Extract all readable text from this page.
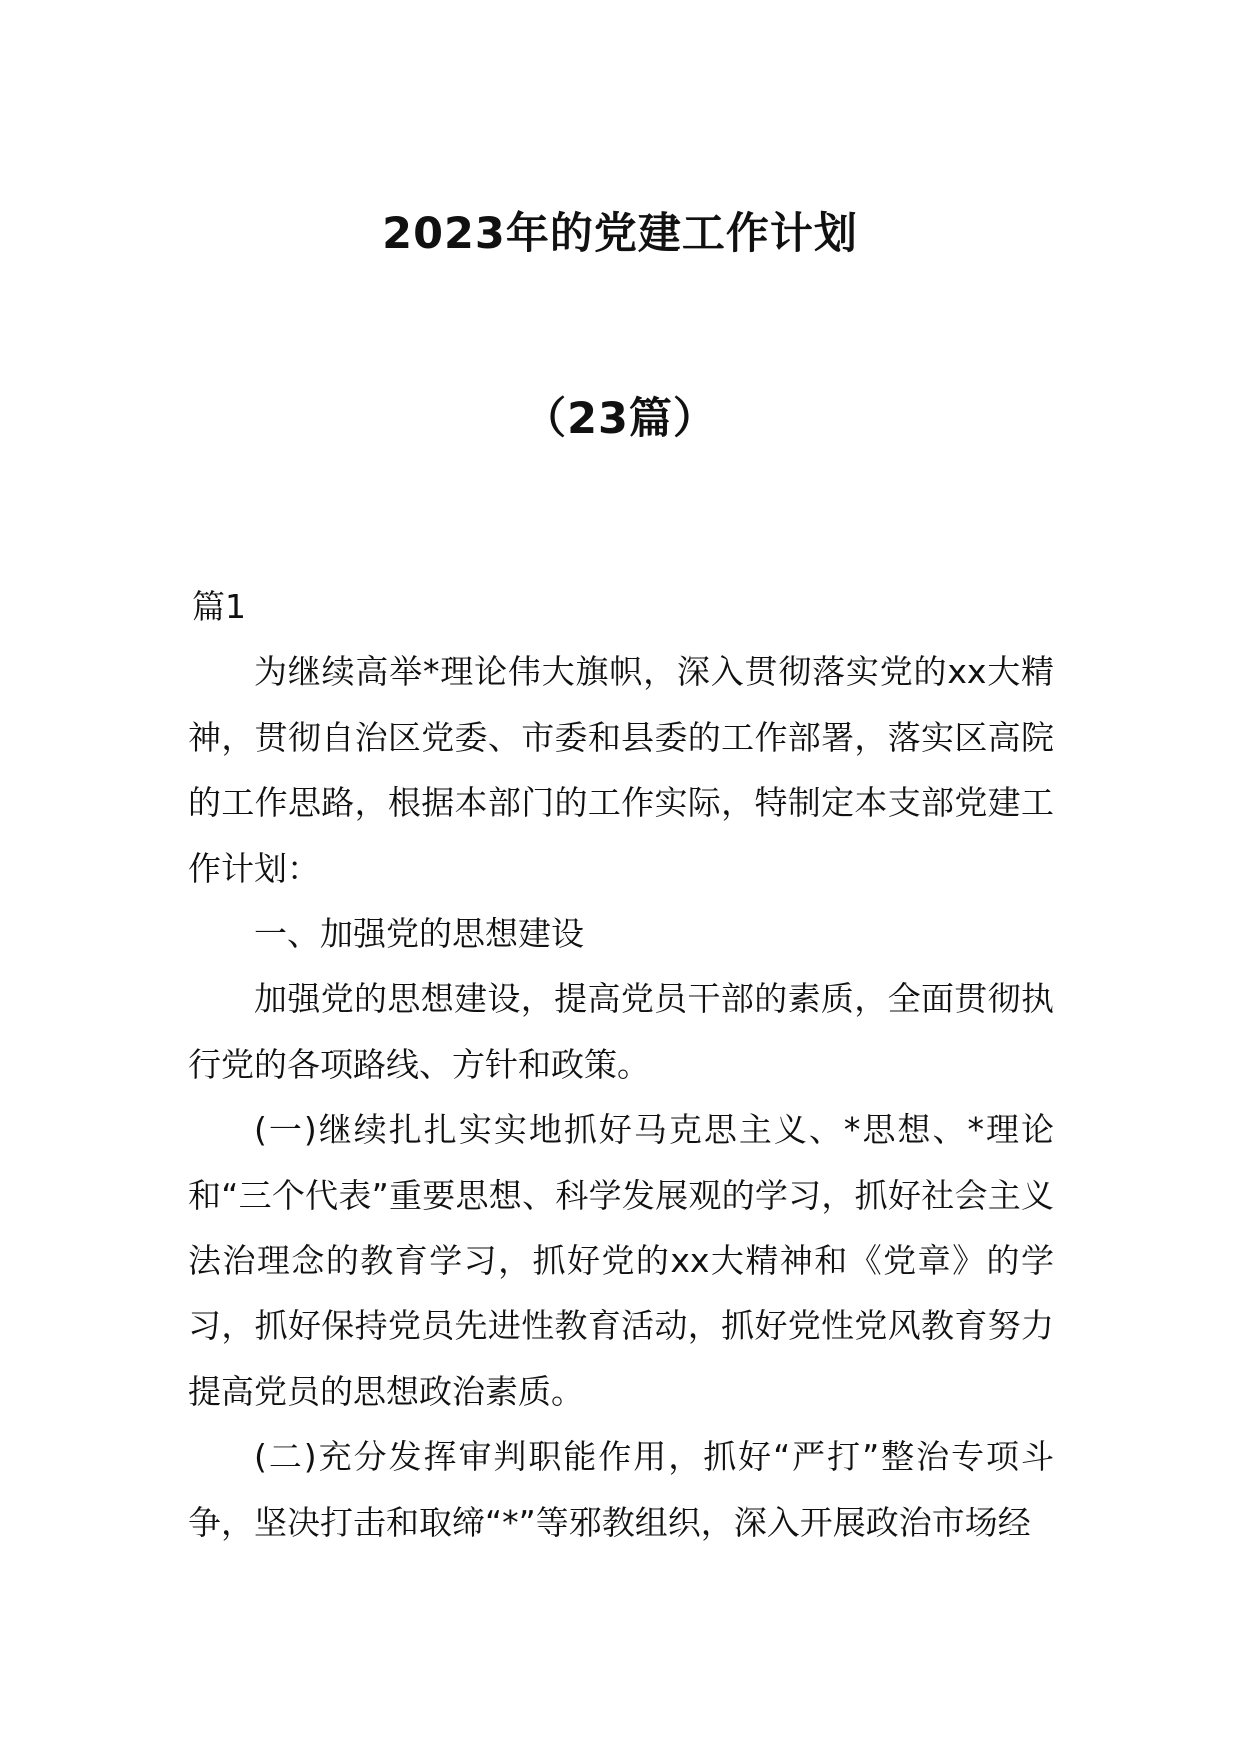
2023年的党建工作计划
（23篇）

篇1

为继续高举*理论伟大旗帜，深入贯彻落实党的xx大精神，贯彻自治区党委、市委和县委的工作部署，落实区高院的工作思路，根据本部门的工作实际，特制定本支部党建工作计划：

一、加强党的思想建设

加强党的思想建设，提高党员干部的素质，全面贯彻执行党的各项路线、方针和政策。

(一)继续扎扎实实地抓好马克思主义、*思想、*理论和“三个代表”重要思想、科学发展观的学习，抓好社会主义法治理念的教育学习，抓好党的xx大精神和《党章》的学习，抓好保持党员先进性教育活动，抓好党性党风教育努力提高党员的思想政治素质。

(二)充分发挥审判职能作用，抓好“严打”整治专项斗争，坚决打击和取缔“*”等邪教组织，深入开展政治市场经
